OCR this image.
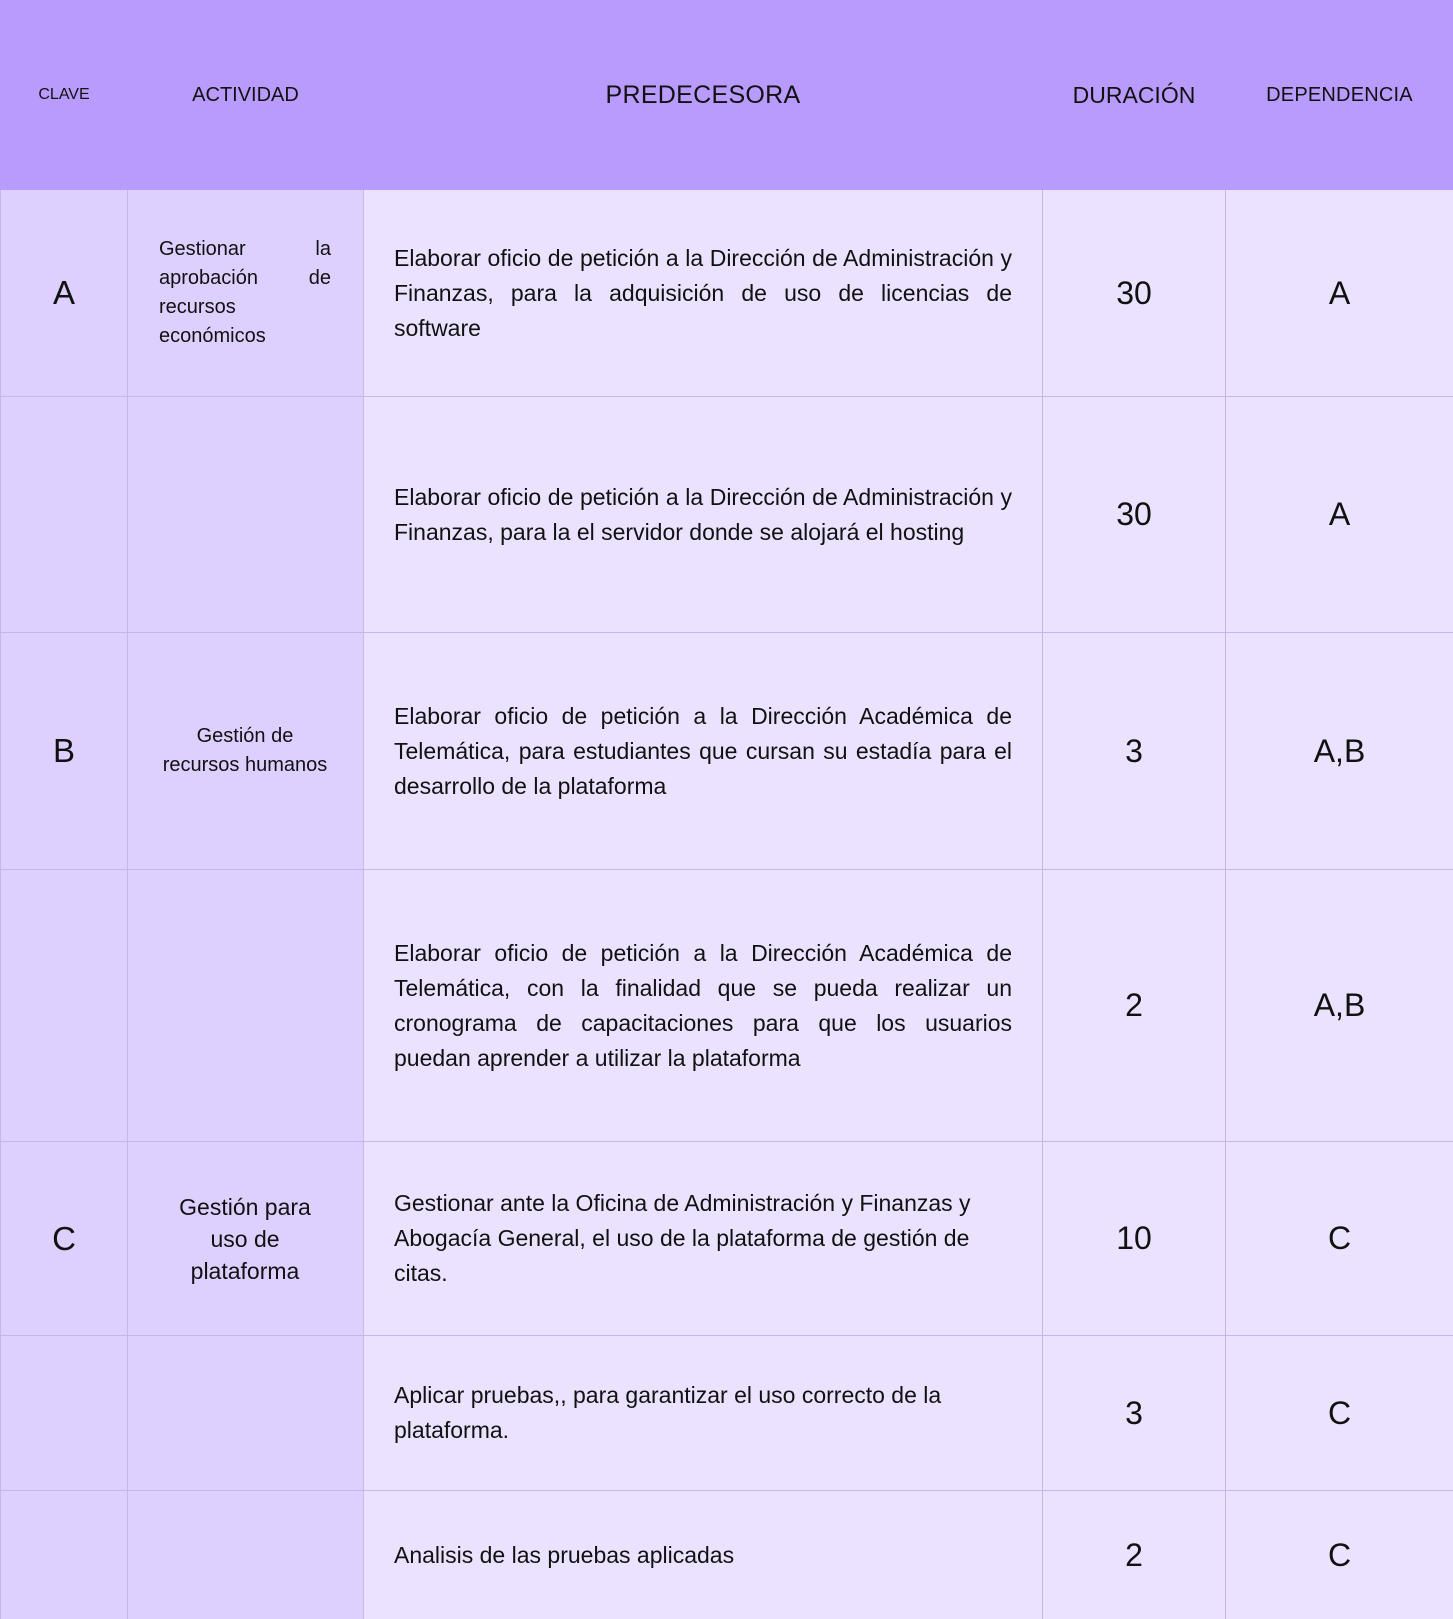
CLAVE	ACTIVIDAD	PREDECESORA	DURACIÓN	DEPENDENCIA
A	Gestionar la aprobación de recursos económicos	Elaborar oficio de petición a la Dirección de Administración y Finanzas, para la adquisición de uso de licencias de software	30	A

		Elaborar oficio de petición a la Dirección de Administración y Finanzas, para la el servidor donde se alojará el hosting	30	A
B	Gestión de recursos humanos	Elaborar oficio de petición a la Dirección Académica de Telemática, para estudiantes que cursan su estadía para el desarrollo de la plataforma	3	A,B

		Elaborar oficio de petición a la Dirección Académica de Telemática, con la finalidad que se pueda realizar un cronograma de capacitaciones para que los usuarios puedan aprender a utilizar la plataforma	2	A,B
C	Gestión para uso de plataforma	Gestionar ante la Oficina de Administración y Finanzas y Abogacía General, el uso de la plataforma de gestión de citas.	10	C

		Aplicar pruebas,, para garantizar el uso correcto de la plataforma.	3	C

		Analisis de las pruebas aplicadas	2	C
